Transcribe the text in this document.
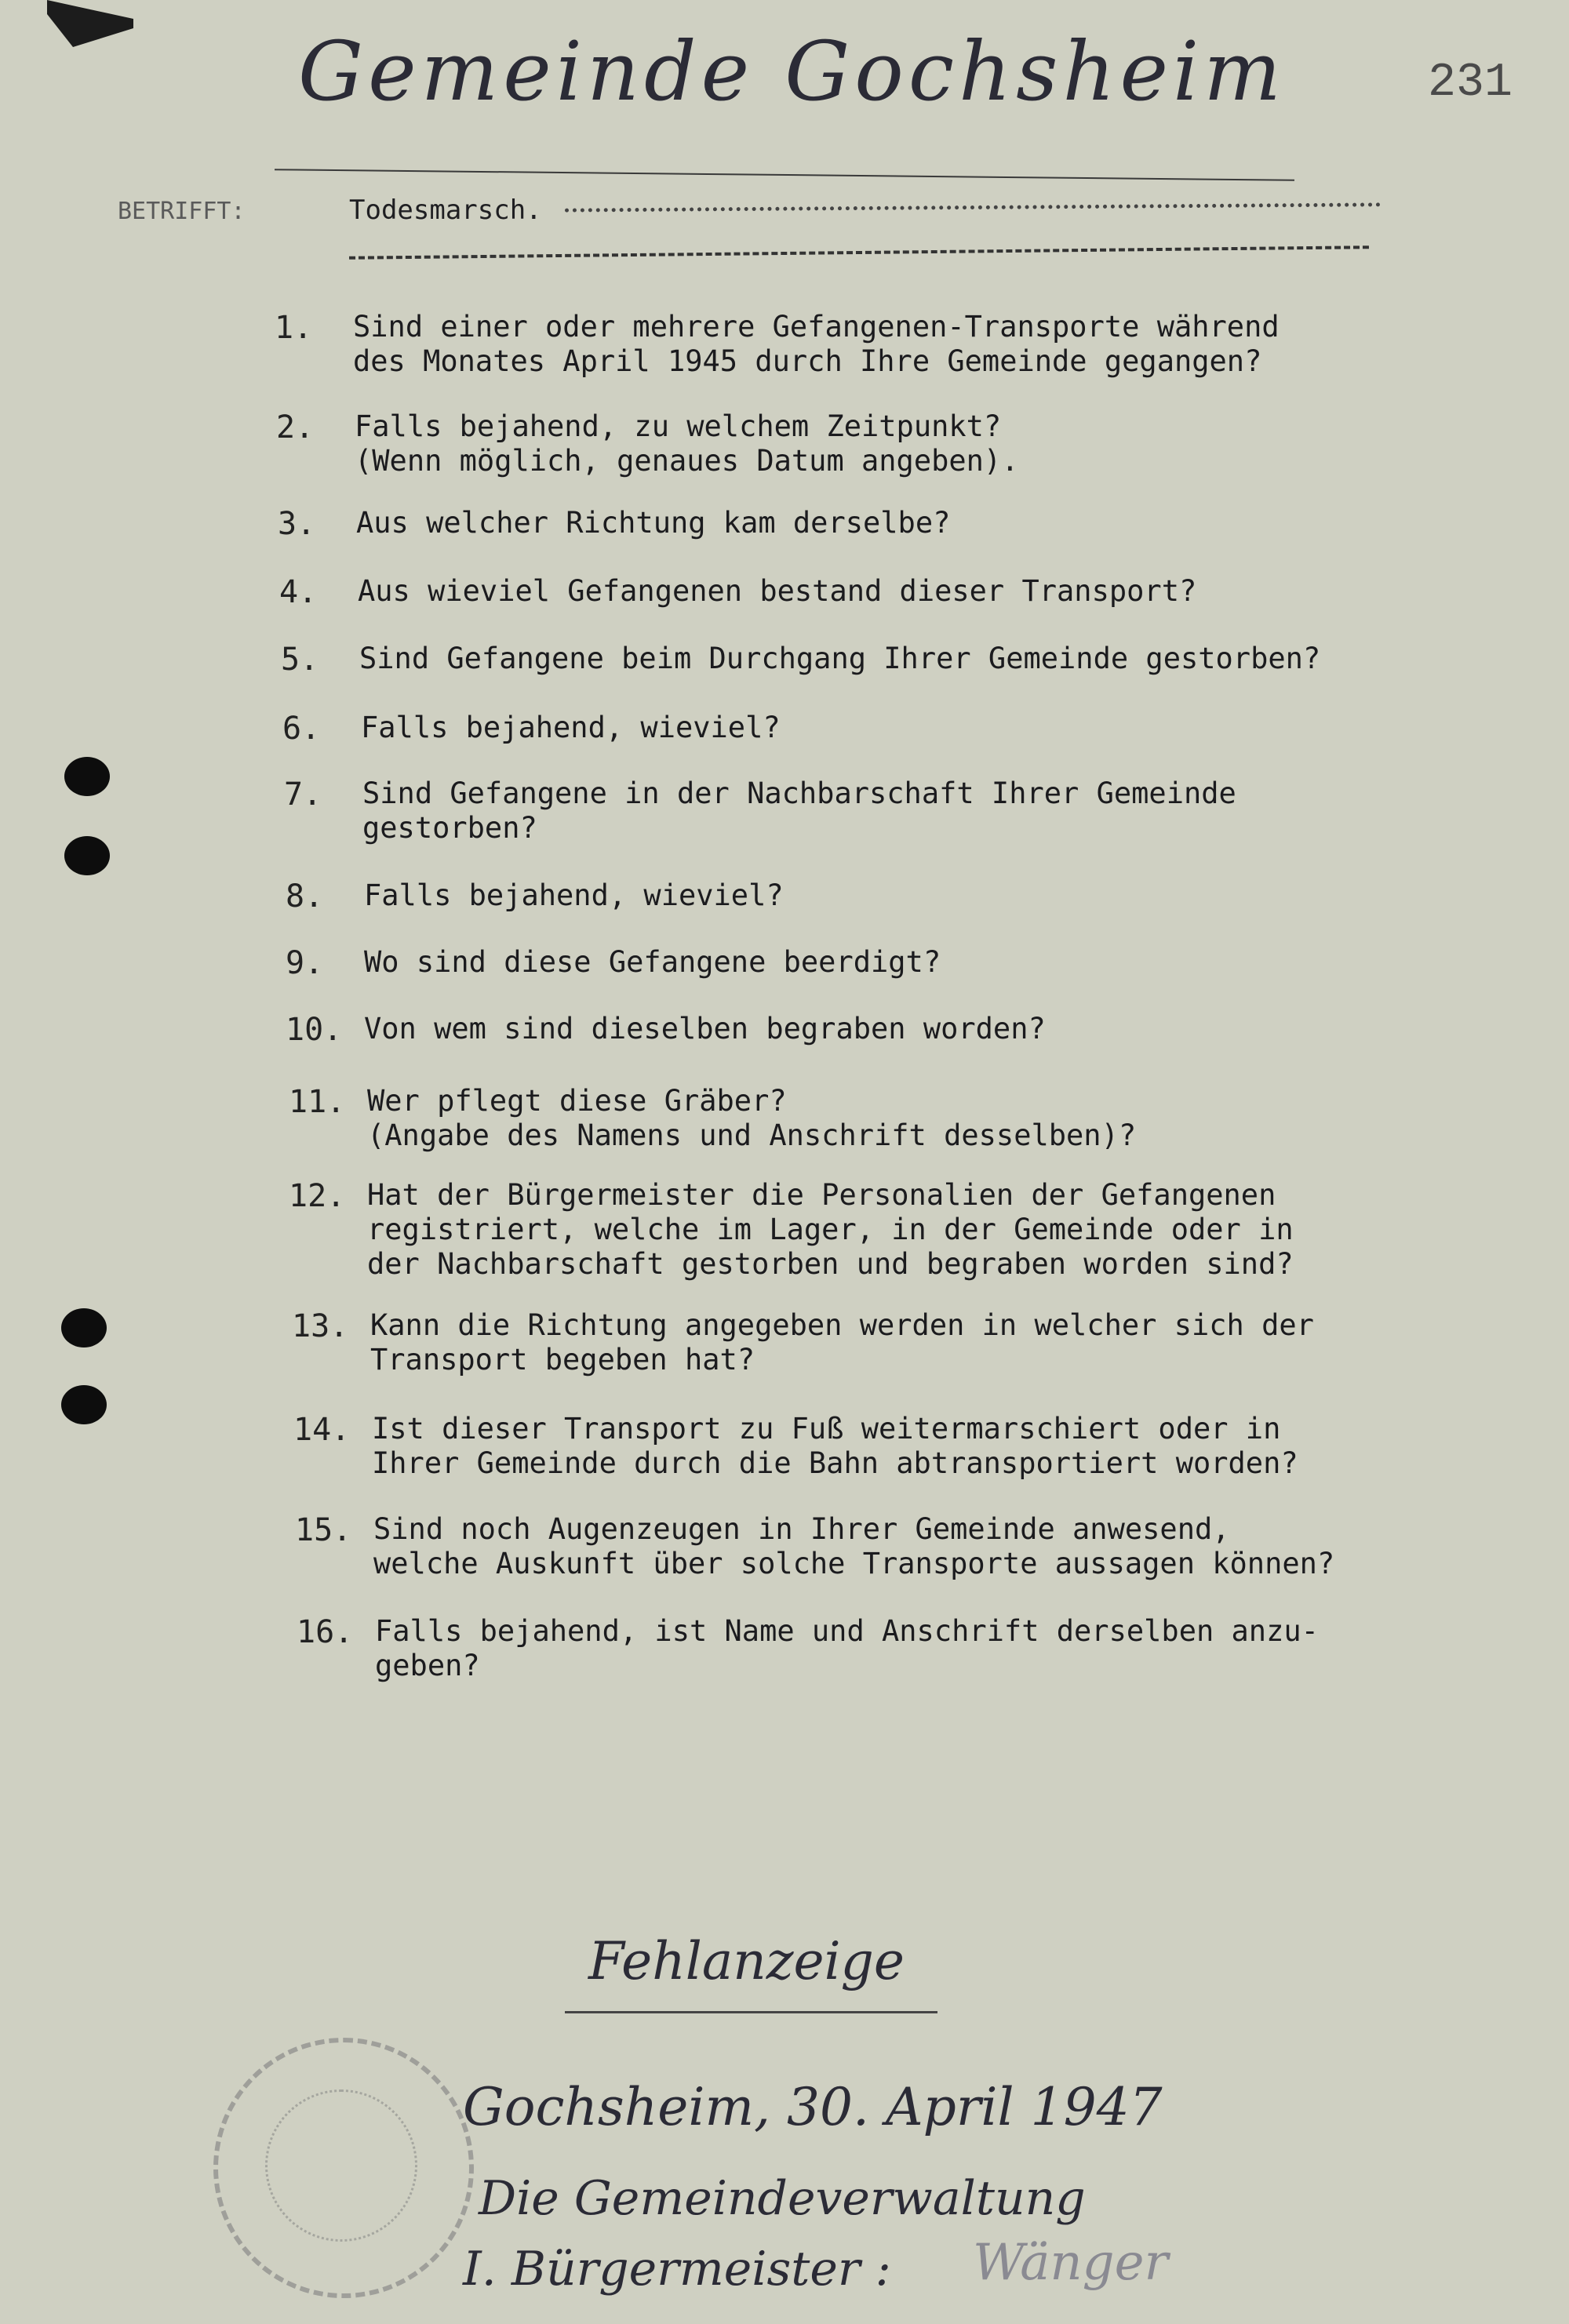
Gemeinde Gochsheim	231
BETRIFFT:	Todesmarsch.
1. Sind einer oder mehrere Gefangenen-Transporte während
des Monates April 1945 durch Ihre Gemeinde gegangen?
2. Falls bejahend, zu welchem Zeitpunkt?
(Wenn möglich, genaues Datum angeben).
3. Aus welcher Richtung kam derselbe?
4. Aus wieviel Gefangenen bestand dieser Transport?
5. Sind Gefangene beim Durchgang Ihrer Gemeinde gestorben?
6. Falls bejahend, wieviel?
7. Sind Gefangene in der Nachbarschaft Ihrer Gemeinde
gestorben?
8. Falls bejahend, wieviel?
9. Wo sind diese Gefangene beerdigt?
10. Von wem sind dieselben begraben worden?
11. Wer pflegt diese Gräber?
(Angabe des Namens und Anschrift desselben)?
12. Hat der Bürgermeister die Personalien der Gefangenen
registriert, welche im Lager, in der Gemeinde oder in
der Nachbarschaft gestorben und begraben worden sind?
13. Kann die Richtung angegeben werden in welcher sich der
Transport begeben hat?
14. Ist dieser Transport zu Fuß weitermarschiert oder in
Ihrer Gemeinde durch die Bahn abtransportiert worden?
15. Sind noch Augenzeugen in Ihrer Gemeinde anwesend,
welche Auskunft über solche Transporte aussagen können?
16. Falls bejahend, ist Name und Anschrift derselben anzu-
geben?
Fehlanzeige
Gochsheim, 30. April 1947
Die Gemeindeverwaltung
I. Bürgermeister : Wänger
